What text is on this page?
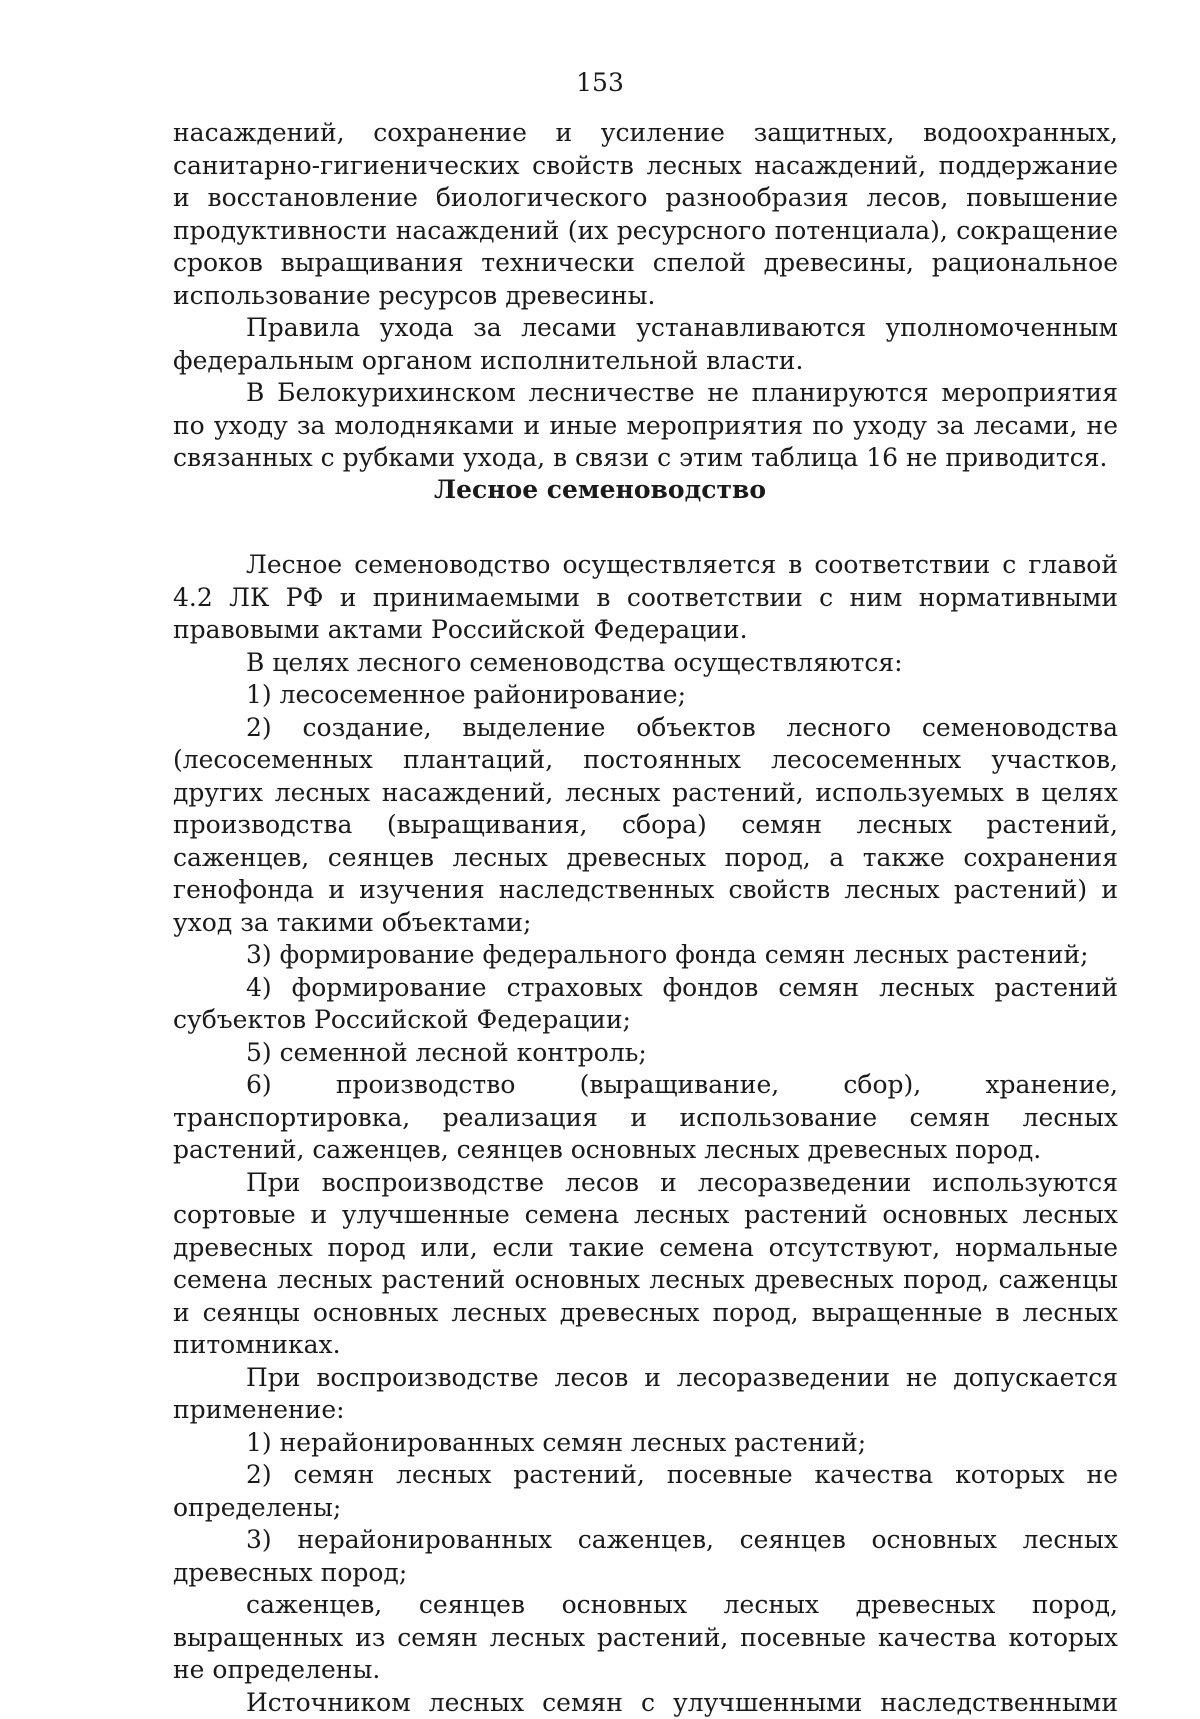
153

насаждений, сохранение и усиление защитных, водоохранных, санитарно-гигиенических свойств лесных насаждений, поддержание и восстановление биологического разнообразия лесов, повышение продуктивности насаждений (их ресурсного потенциала), сокращение сроков выращивания технически спелой древесины, рациональное использование ресурсов древесины.

Правила ухода за лесами устанавливаются уполномоченным федеральным органом исполнительной власти.

В Белокурихинском лесничестве не планируются мероприятия по уходу за молодняками и иные мероприятия по уходу за лесами, не связанных с рубками ухода, в связи с этим таблица 16 не приводится.

Лесное семеноводство

Лесное семеноводство осуществляется в соответствии с главой 4.2 ЛК РФ и принимаемыми в соответствии с ним нормативными правовыми актами Российской Федерации.

В целях лесного семеноводства осуществляются:

1) лесосеменное районирование;

2) создание, выделение объектов лесного семеноводства (лесосеменных плантаций, постоянных лесосеменных участков, других лесных насаждений, лесных растений, используемых в целях производства (выращивания, сбора) семян лесных растений, саженцев, сеянцев лесных древесных пород, а также сохранения генофонда и изучения наследственных свойств лесных растений) и уход за такими объектами;

3) формирование федерального фонда семян лесных растений;

4) формирование страховых фондов семян лесных растений субъектов Российской Федерации;

5) семенной лесной контроль;

6) производство (выращивание, сбор), хранение, транспортировка, реализация и использование семян лесных растений, саженцев, сеянцев основных лесных древесных пород.

При воспроизводстве лесов и лесоразведении используются сортовые и улучшенные семена лесных растений основных лесных древесных пород или, если такие семена отсутствуют, нормальные семена лесных растений основных лесных древесных пород, саженцы и сеянцы основных лесных древесных пород, выращенные в лесных питомниках.

При воспроизводстве лесов и лесоразведении не допускается применение:

1) нерайонированных семян лесных растений;

2) семян лесных растений, посевные качества которых не определены;

3) нерайонированных саженцев, сеянцев основных лесных древесных пород;

саженцев, сеянцев основных лесных древесных пород, выращенных из семян лесных растений, посевные качества которых не определены.

Источником лесных семян с улучшенными наследственными
